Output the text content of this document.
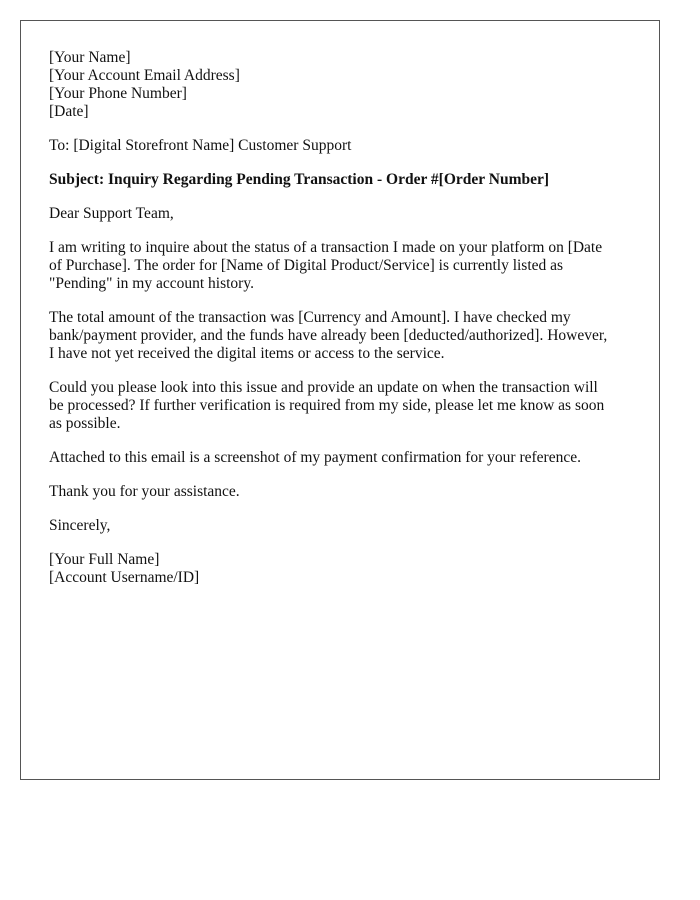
[Your Name]
[Your Account Email Address]
[Your Phone Number]
[Date]

To: [Digital Storefront Name] Customer Support

Subject: Inquiry Regarding Pending Transaction - Order #[Order Number]

Dear Support Team,

I am writing to inquire about the status of a transaction I made on your platform on [Date
of Purchase]. The order for [Name of Digital Product/Service] is currently listed as
"Pending" in my account history.

The total amount of the transaction was [Currency and Amount]. I have checked my
bank/payment provider, and the funds have already been [deducted/authorized]. However,
I have not yet received the digital items or access to the service.

Could you please look into this issue and provide an update on when the transaction will
be processed? If further verification is required from my side, please let me know as soon
as possible.

Attached to this email is a screenshot of my payment confirmation for your reference.

Thank you for your assistance.

Sincerely,

[Your Full Name]
[Account Username/ID]
